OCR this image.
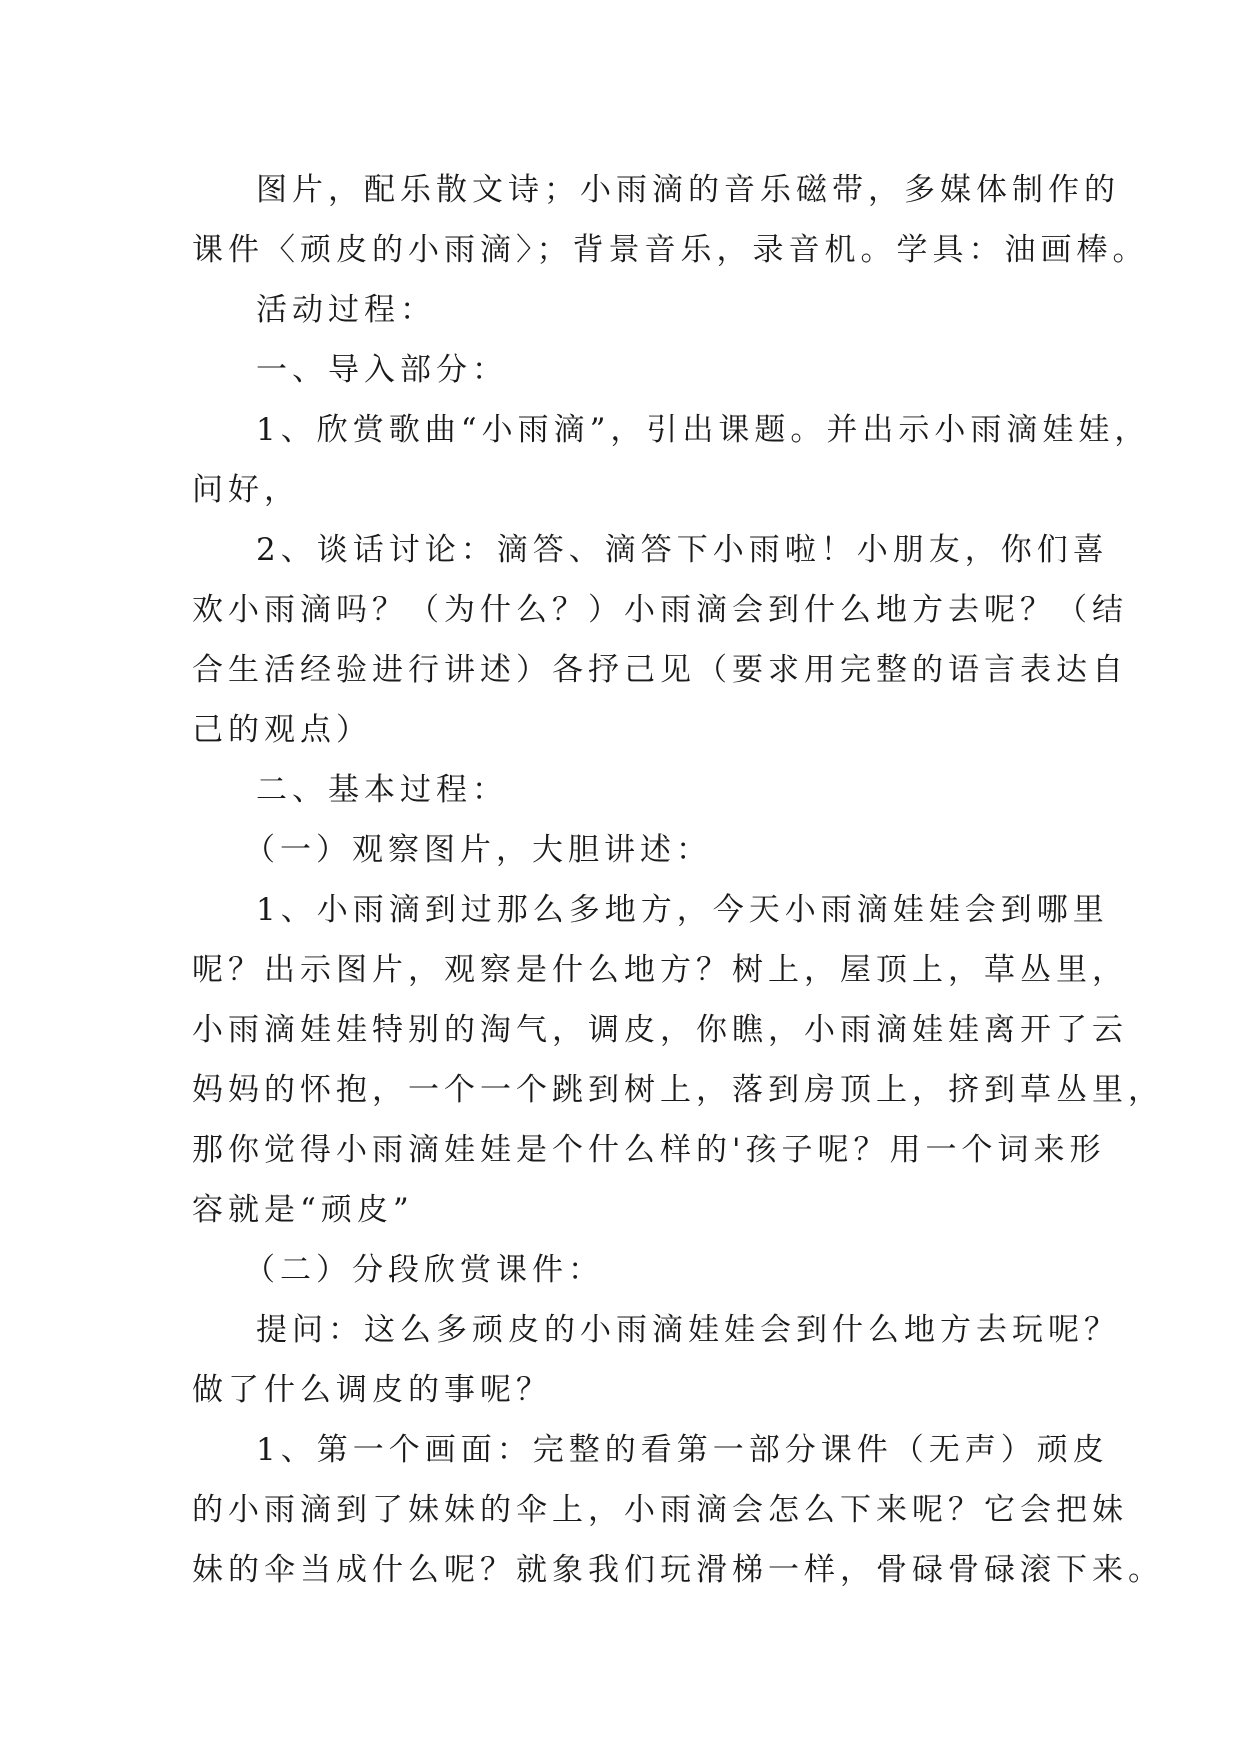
图片，配乐散文诗；小雨滴的音乐磁带，多媒体制作的
课件〈顽皮的小雨滴〉；背景音乐，录音机。学具：油画棒。
活动过程：
一、导入部分：
1、欣赏歌曲“小雨滴”，引出课题。并出示小雨滴娃娃，
问好，
2、谈话讨论：滴答、滴答下小雨啦！小朋友，你们喜
欢小雨滴吗？（为什么？）小雨滴会到什么地方去呢？（结
合生活经验进行讲述）各抒己见（要求用完整的语言表达自
己的观点）
二、基本过程：
（一）观察图片，大胆讲述：
1、小雨滴到过那么多地方，今天小雨滴娃娃会到哪里
呢？出示图片，观察是什么地方？树上，屋顶上，草丛里，
小雨滴娃娃特别的淘气，调皮，你瞧，小雨滴娃娃离开了云
妈妈的怀抱，一个一个跳到树上，落到房顶上，挤到草丛里，
那你觉得小雨滴娃娃是个什么样的'孩子呢？用一个词来形
容就是“顽皮”
（二）分段欣赏课件：
提问：这么多顽皮的小雨滴娃娃会到什么地方去玩呢？
做了什么调皮的事呢？
1、第一个画面：完整的看第一部分课件（无声）顽皮
的小雨滴到了妹妹的伞上，小雨滴会怎么下来呢？它会把妹
妹的伞当成什么呢？就象我们玩滑梯一样，骨碌骨碌滚下来。
